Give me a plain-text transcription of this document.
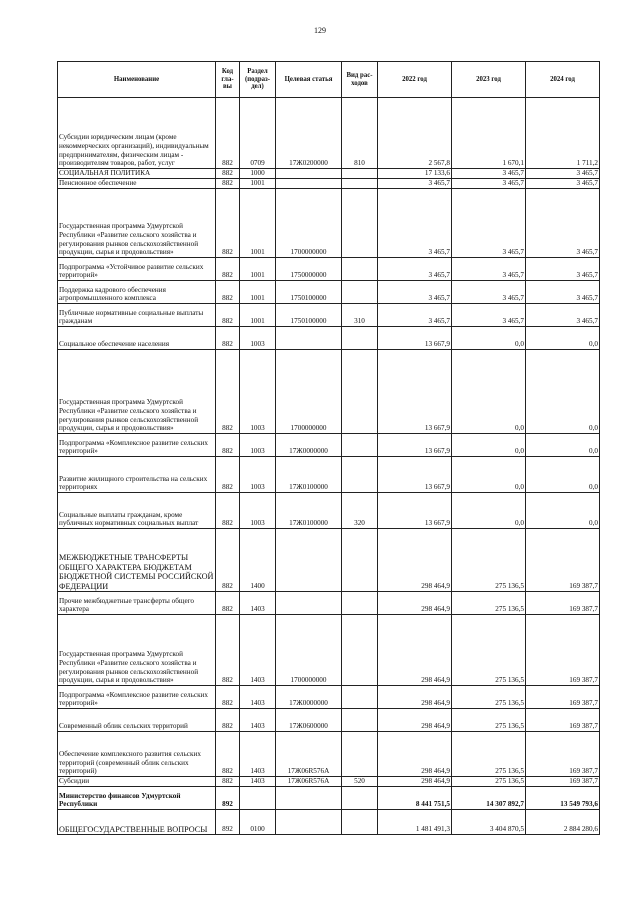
129
Наименование	Код гла-вы	Раздел (подраз-дел)	Целевая статья	Вид рас-ходов	2022 год	2023 год	2024 год
Субсидии юридическим лицам (кроме некоммерческих организаций), индивидуальным предпринимателям, физическим лицам - производителям товаров, работ, услуг	882	0709	17Ж0200000	810	2 567,8	1 670,1	1 711,2
СОЦИАЛЬНАЯ ПОЛИТИКА	882	1000			17 133,6	3 465,7	3 465,7
Пенсионное обеспечение	882	1001			3 465,7	3 465,7	3 465,7
Государственная программа Удмуртской Республики «Развитие сельского хозяйства и регулирования рынков сельскохозяйственной продукции, сырья и продовольствия»	882	1001	1700000000		3 465,7	3 465,7	3 465,7
Подпрограмма «Устойчивое развитие сельских территорий»	882	1001	1750000000		3 465,7	3 465,7	3 465,7
Поддержка кадрового обеспечения агропромышленного комплекса	882	1001	1750100000		3 465,7	3 465,7	3 465,7
Публичные нормативные социальные выплаты гражданам	882	1001	1750100000	310	3 465,7	3 465,7	3 465,7
Социальное обеспечение населения	882	1003			13 667,9	0,0	0,0
Государственная программа Удмуртской Республики «Развитие сельского хозяйства и регулирования рынков сельскохозяйственной продукции, сырья и продовольствия»	882	1003	1700000000		13 667,9	0,0	0,0
Подпрограмма «Комплексное развитие сельских территорий»	882	1003	17Ж0000000		13 667,9	0,0	0,0
Развитие жилищного строительства на сельских территориях	882	1003	17Ж0100000		13 667,9	0,0	0,0
Социальные выплаты гражданам, кроме публичных нормативных социальных выплат	882	1003	17Ж0100000	320	13 667,9	0,0	0,0
МЕЖБЮДЖЕТНЫЕ ТРАНСФЕРТЫ ОБЩЕГО ХАРАКТЕРА БЮДЖЕТАМ БЮДЖЕТНОЙ СИСТЕМЫ РОССИЙСКОЙ ФЕДЕРАЦИИ	882	1400			298 464,9	275 136,5	169 387,7
Прочие межбюджетные трансферты общего характера	882	1403			298 464,9	275 136,5	169 387,7
Государственная программа Удмуртской Республики «Развитие сельского хозяйства и регулирования рынков сельскохозяйственной продукции, сырья и продовольствия»	882	1403	1700000000		298 464,9	275 136,5	169 387,7
Подпрограмма «Комплексное развитие сельских территорий»	882	1403	17Ж0000000		298 464,9	275 136,5	169 387,7
Современный облик сельских территорий	882	1403	17Ж0600000		298 464,9	275 136,5	169 387,7
Обеспечение комплексного развития сельских территорий (современный облик сельских территорий)	882	1403	17Ж06R576А		298 464,9	275 136,5	169 387,7
Субсидии	882	1403	17Ж06R576А	520	298 464,9	275 136,5	169 387,7
Министерство финансов Удмуртской Республики	892				8 441 751,5	14 307 892,7	13 549 793,6
ОБЩЕГОСУДАРСТВЕННЫЕ ВОПРОСЫ	892	0100			1 481 491,3	3 404 870,5	2 884 280,6
